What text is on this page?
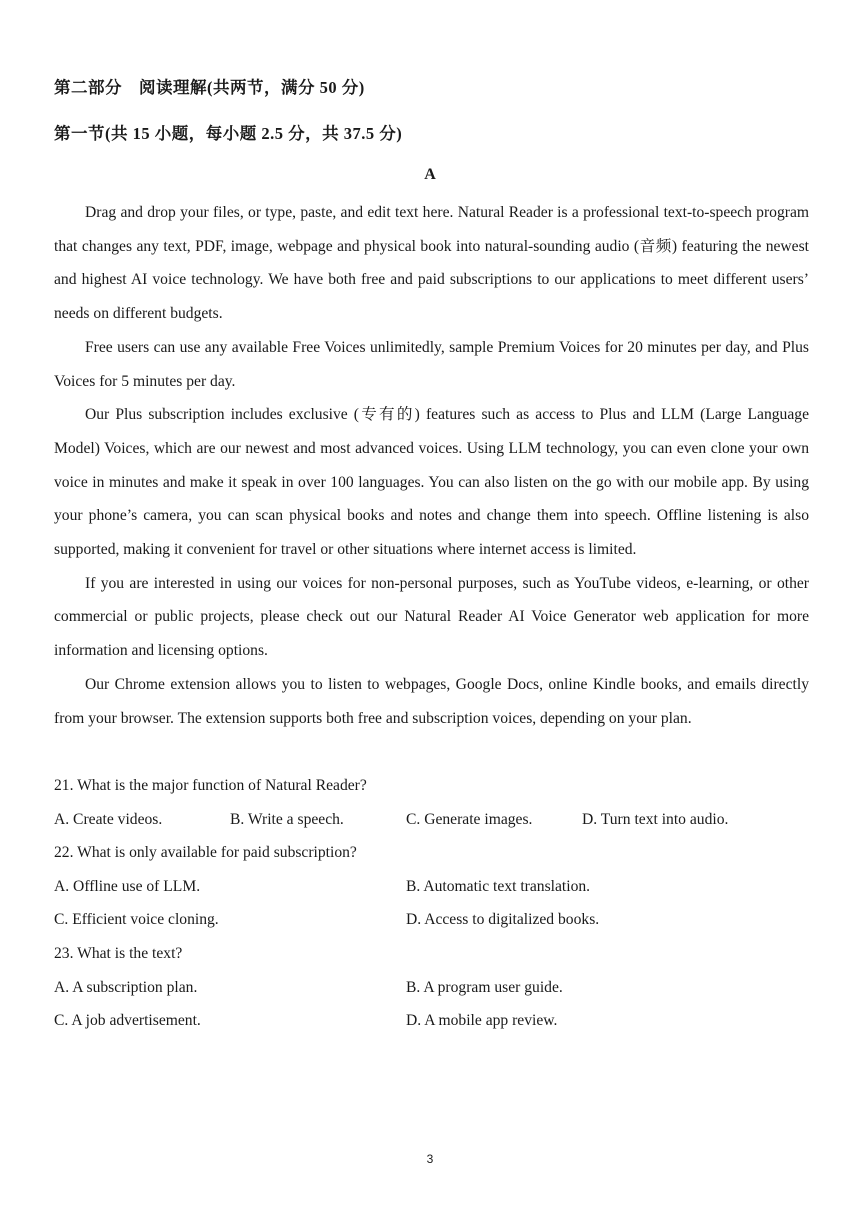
第二部分　阅读理解(共两节，满分 50 分)
第一节(共 15 小题，每小题 2.5 分，共 37.5 分)
A

Drag and drop your files, or type, paste, and edit text here. Natural Reader is a professional text-to-speech program that changes any text, PDF, image, webpage and physical book into natural-sounding audio (音频) featuring the newest and highest AI voice technology. We have both free and paid subscriptions to our applications to meet different users’ needs on different budgets.

Free users can use any available Free Voices unlimitedly, sample Premium Voices for 20 minutes per day, and Plus Voices for 5 minutes per day.

Our Plus subscription includes exclusive (专有的) features such as access to Plus and LLM (Large Language Model) Voices, which are our newest and most advanced voices. Using LLM technology, you can even clone your own voice in minutes and make it speak in over 100 languages. You can also listen on the go with our mobile app. By using your phone’s camera, you can scan physical books and notes and change them into speech. Offline listening is also supported, making it convenient for travel or other situations where internet access is limited.

If you are interested in using our voices for non-personal purposes, such as YouTube videos, e-learning, or other commercial or public projects, please check out our Natural Reader AI Voice Generator web application for more information and licensing options.

Our Chrome extension allows you to listen to webpages, Google Docs, online Kindle books, and emails directly from your browser. The extension supports both free and subscription voices, depending on your plan.

21. What is the major function of Natural Reader?
A. Create videos.	B. Write a speech.	C. Generate images.	D. Turn text into audio.
22. What is only available for paid subscription?
A. Offline use of LLM.	B. Automatic text translation.
C. Efficient voice cloning.	D. Access to digitalized books.
23. What is the text?
A. A subscription plan.	B. A program user guide.
C. A job advertisement.	D. A mobile app review.
3
